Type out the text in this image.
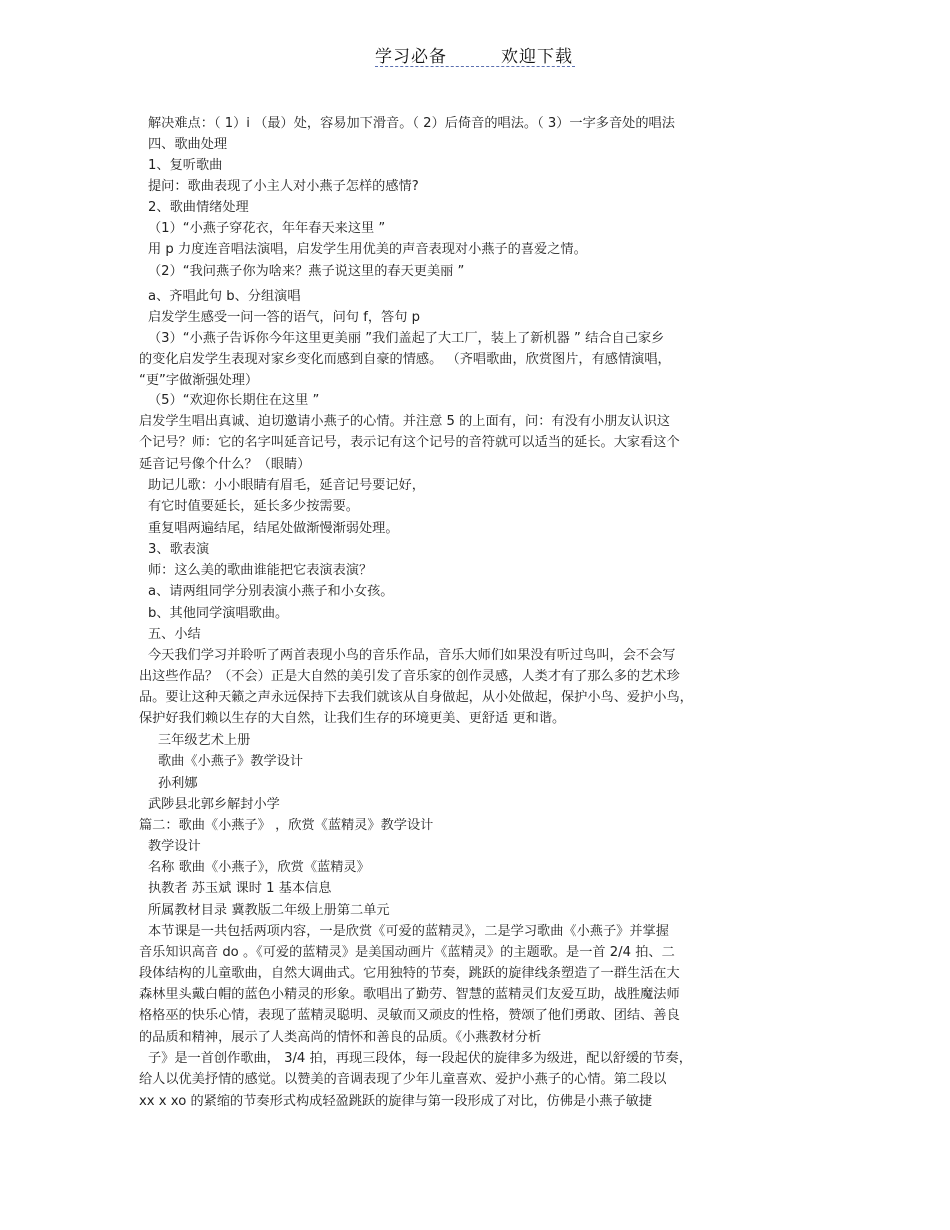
学习必备	欢迎下载
解决难点：（ 1）i （最）处，容易加下滑音。（ 2）后倚音的唱法。（ 3）一字多音处的唱法
四、歌曲处理
1、复听歌曲
提问：歌曲表现了小主人对小燕子怎样的感情?
2、歌曲情绪处理
（1）“小燕子穿花衣，年年春天来这里 ”
用 p 力度连音唱法演唱，启发学生用优美的声音表现对小燕子的喜爱之情。
（2）“我问燕子你为啥来？燕子说这里的春天更美丽 ”
a、齐唱此句 b、分组演唱
启发学生感受一问一答的语气，问句 f，答句 p
（3）“小燕子告诉你今年这里更美丽 ”我们盖起了大工厂，装上了新机器 ” 结合自己家乡
的变化启发学生表现对家乡变化而感到自豪的情感。 （齐唱歌曲，欣赏图片，有感情演唱，
“更”字做渐强处理）
（5）“欢迎你长期住在这里 ”
启发学生唱出真诚、迫切邀请小燕子的心情。并注意 5 的上面有，问：有没有小朋友认识这
个记号？师：它的名字叫延音记号，表示记有这个记号的音符就可以适当的延长。大家看这个
延音记号像个什么？（眼睛）
助记儿歌：小小眼睛有眉毛，延音记号要记好，
有它时值要延长，延长多少按需要。
重复唱两遍结尾，结尾处做渐慢渐弱处理。
3、歌表演
师：这么美的歌曲谁能把它表演表演？
a、请两组同学分别表演小燕子和小女孩。
b、其他同学演唱歌曲。
五、小结
今天我们学习并聆听了两首表现小鸟的音乐作品，音乐大师们如果没有听过鸟叫，会不会写
出这些作品？（不会）正是大自然的美引发了音乐家的创作灵感，人类才有了那么多的艺术珍
品。要让这种天籁之声永远保持下去我们就该从自身做起，从小处做起，保护小鸟、爱护小鸟，
保护好我们赖以生存的大自然，让我们生存的环境更美、更舒适 更和谐。
三年级艺术上册
歌曲《小燕子》教学设计
孙利娜
武陟县北郭乡解封小学
篇二：歌曲《小燕子》 ，欣赏《蓝精灵》教学设计
教学设计
名称 歌曲《小燕子》，欣赏《蓝精灵》
执教者 苏玉斌 课时 1 基本信息
所属教材目录 冀教版二年级上册第二单元
本节课是一共包括两项内容，一是欣赏《可爱的蓝精灵》，二是学习歌曲《小燕子》并掌握
音乐知识高音 do 。《可爱的蓝精灵》是美国动画片《蓝精灵》的主题歌。是一首 2/4 拍、二
段体结构的儿童歌曲，自然大调曲式。它用独特的节奏，跳跃的旋律线条塑造了一群生活在大
森林里头戴白帽的蓝色小精灵的形象。歌唱出了勤劳、智慧的蓝精灵们友爱互助，战胜魔法师
格格巫的快乐心情，表现了蓝精灵聪明、灵敏而又顽皮的性格，赞颂了他们勇敢、团结、善良
的品质和精神，展示了人类高尚的情怀和善良的品质。《小燕教材分析
子》是一首创作歌曲， 3/4 拍，再现三段体，每一段起伏的旋律多为级进，配以舒缓的节奏，
给人以优美抒情的感觉。以赞美的音调表现了少年儿童喜欢、爱护小燕子的心情。第二段以
xx x xo 的紧缩的节奏形式构成轻盈跳跃的旋律与第一段形成了对比，仿佛是小燕子敏捷
